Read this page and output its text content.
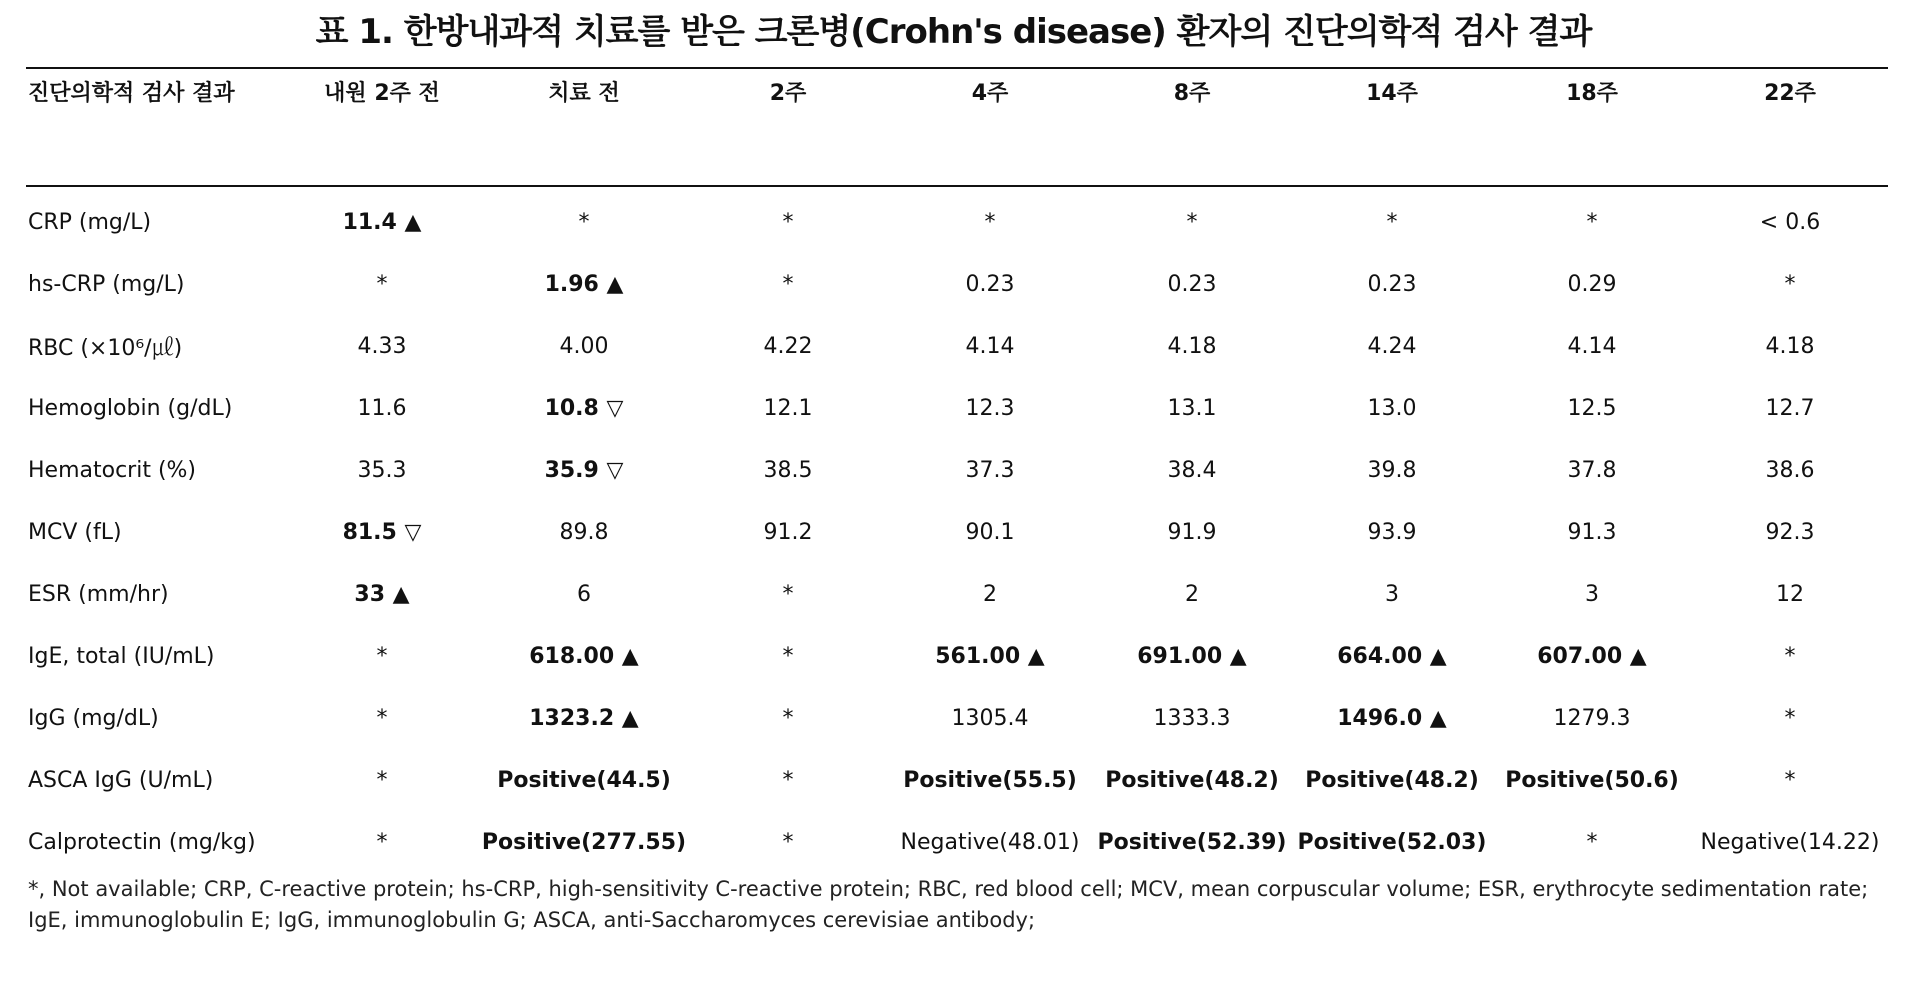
표 1. 한방내과적 치료를 받은 크론병(Crohn's disease) 환자의 진단의학적 검사 결과
진단의학적 검사 결과	내원 2주 전	치료 전	2주	4주	8주	14주	18주	22주
CRP (mg/L)	11.4 ▲	*	*	*	*	*	*	< 0.6
hs-CRP (mg/L)	*	1.96 ▲	*	0.23	0.23	0.23	0.29	*
RBC (×10⁶/㎕)	4.33	4.00	4.22	4.14	4.18	4.24	4.14	4.18
Hemoglobin (g/dL)	11.6	10.8 ▽	12.1	12.3	13.1	13.0	12.5	12.7
Hematocrit (%)	35.3	35.9 ▽	38.5	37.3	38.4	39.8	37.8	38.6
MCV (fL)	81.5 ▽	89.8	91.2	90.1	91.9	93.9	91.3	92.3
ESR (mm/hr)	33 ▲	6	*	2	2	3	3	12
IgE, total (IU/mL)	*	618.00 ▲	*	561.00 ▲	691.00 ▲	664.00 ▲	607.00 ▲	*
IgG (mg/dL)	*	1323.2 ▲	*	1305.4	1333.3	1496.0 ▲	1279.3	*
ASCA IgG (U/mL)	*	Positive(44.5)	*	Positive(55.5)	Positive(48.2)	Positive(48.2)	Positive(50.6)	*
Calprotectin (mg/kg)	*	Positive(277.55)	*	Negative(48.01)	Positive(52.39)	Positive(52.03)	*	Negative(14.22)
*, Not available; CRP, C-reactive protein; hs-CRP, high-sensitivity C-reactive protein; RBC, red blood cell; MCV, mean corpuscular volume; ESR, erythrocyte sedimentation rate; IgE, immunoglobulin E; IgG, immunoglobulin G; ASCA, anti-Saccharomyces cerevisiae antibody;
